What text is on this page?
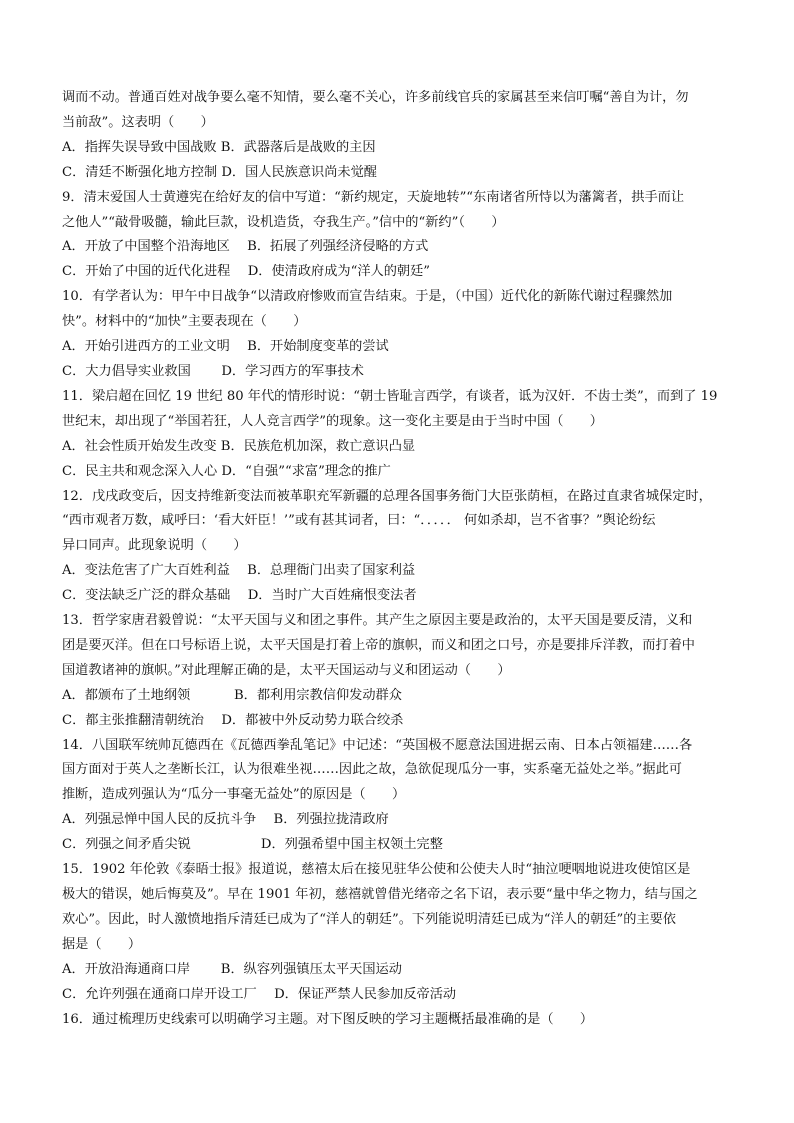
调而不动。普通百姓对战争要么毫不知情，要么毫不关心，许多前线官兵的家属甚至来信叮嘱“善自为计，勿
当前敌”。这表明（　　）
A．指挥失误导致中国战败 B．武器落后是战败的主因
C．清廷不断强化地方控制 D．国人民族意识尚未觉醒
9．清末爱国人士黄遵宪在给好友的信中写道：“新约规定，天旋地转”“东南诸省所恃以为藩篱者，拱手而让
之他人”“敲骨吸髓，输此巨款，设机造货，夺我生产。”信中的“新约”（　　）
A．开放了中国整个沿海地区　 B．拓展了列强经济侵略的方式
C．开始了中国的近代化进程　 D．使清政府成为“洋人的朝廷”
10．有学者认为：甲午中日战争“以清政府惨败而宣告结束。于是，（中国）近代化的新陈代谢过程骤然加
快”。材料中的“加快”主要表现在（　　）
A．开始引进西方的工业文明　 B．开始制度变革的尝试
C．大力倡导实业救国　　 D．学习西方的军事技术
11．梁启超在回忆 19 世纪 80 年代的情形时说：“朝士皆耻言西学，有谈者，诋为汉奸．不齿士类”，而到了 19
世纪末，却出现了“举国若狂，人人竞言西学”的现象。这一变化主要是由于当时中国（　　）
A．社会性质开始发生改变 B．民族危机加深，救亡意识凸显
C．民主共和观念深入人心 D．“自强”“求富”理念的推广
12．戊戌政变后，因支持维新变法而被革职充军新疆的总理各国事务衙门大臣张荫桓，在路过直隶省城保定时，
“西市观者万数，咸呼曰：‘看大奸臣！’”或有甚其词者，曰：“．．．．． 何如杀却，岂不省事？”舆论纷纭
异口同声。此现象说明（　　）
A．变法危害了广大百姓利益　 B．总理衙门出卖了国家利益
C．变法缺乏广泛的群众基础　 D．当时广大百姓痛恨变法者
13．哲学家唐君毅曾说：“太平天国与义和团之事件。其产生之原因主要是政治的，太平天国是要反清，义和
团是要灭洋。但在口号标语上说，太平天国是打着上帝的旗帜，而义和团之口号，亦是要排斥洋教，而打着中
国道教诸神的旗帜。”对此理解正确的是，太平天国运动与义和团运动（　　）
A．都颁布了土地纲领　　　 B．都利用宗教信仰发动群众
C．都主张推翻清朝统治　 D．都被中外反动势力联合绞杀
14．八国联军统帅瓦德西在《瓦德西拳乱笔记》中记述：“英国极不愿意法国进据云南、日本占领福建……各
国方面对于英人之垄断长江，认为很难坐视……因此之故，急欲促现瓜分一事，实系毫无益处之举。”据此可
推断，造成列强认为“瓜分一事毫无益处”的原因是（　　）
A．列强忌惮中国人民的反抗斗争　 B．列强拉拢清政府
C．列强之间矛盾尖锐　　　　　 D．列强希望中国主权领土完整
15．1902 年伦敦《泰晤士报》报道说，慈禧太后在接见驻华公使和公使夫人时“抽泣哽咽地说进攻使馆区是
极大的错误，她后悔莫及”。早在 1901 年初，慈禧就曾借光绪帝之名下诏，表示要“量中华之物力，结与国之
欢心”。因此，时人激愤地指斥清廷已成为了“洋人的朝廷”。下列能说明清廷已成为“洋人的朝廷”的主要依
据是（　　）
A．开放沿海通商口岸　　 B．纵容列强镇压太平天国运动
C．允许列强在通商口岸开设工厂　 D．保证严禁人民参加反帝活动
16．通过梳理历史线索可以明确学习主题。对下图反映的学习主题概括最准确的是（　　）
